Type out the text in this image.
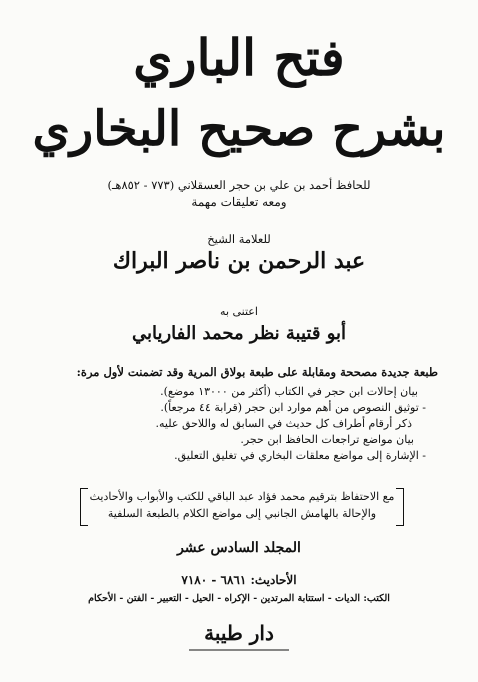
فتح الباري
بشرح صحيح البخاري
للحافظ أحمد بن علي بن حجر العسقلاني (٧٧٣ - ٨٥٢هـ)
ومعه تعليقات مهمة
للعلامة الشيخ
عبد الرحمن بن ناصر البراك
اعتنى به
أبو قتيبة نظر محمد الفاريابي
طبعة جديدة مصححة ومقابلة على طبعة بولاق المرية وقد تضمنت لأول مرة:
بيان إحالات ابن حجر في الكتاب (أكثر من ١٣٠٠٠ موضع).
- توثيق النصوص من أهم موارد ابن حجر (قرابة ٤٤ مرجعاً).
ذكر أرقام أطراف كل حديث في السابق له واللاحق عليه.
بيان مواضع تراجعات الحافظ ابن حجر.
- الإشارة إلى مواضع معلقات البخاري في تغليق التعليق.
مع الاحتفاظ بترقيم محمد فؤاد عبد الباقي للكتب والأبواب والأحاديث
والإحالة بالهامش الجانبي إلى مواضع الكلام بالطبعة السلفية
المجلد السادس عشر
الأحاديث: ٦٨٦١ - ٧١٨٠
الكتب: الديات - استتابة المرتدين - الإكراه - الحيل - التعبير - الفتن - الأحكام
دار طيبة
